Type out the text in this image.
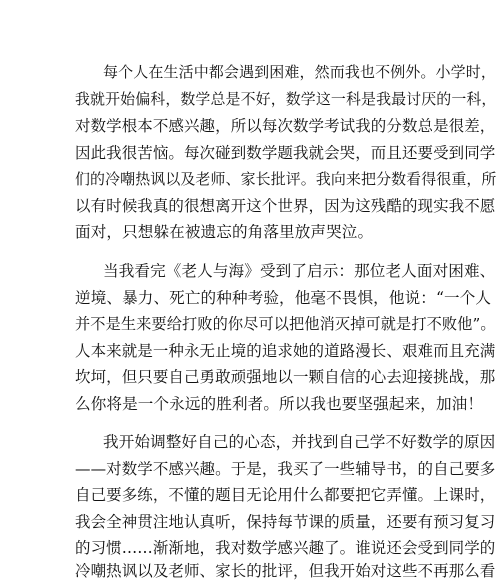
每个人在生活中都会遇到困难，然而我也不例外。小学时，
我就开始偏科，数学总是不好，数学这一科是我最讨厌的一科，
对数学根本不感兴趣，所以每次数学考试我的分数总是很差，
因此我很苦恼。每次碰到数学题我就会哭，而且还要受到同学
们的冷嘲热讽以及老师、家长批评。我向来把分数看得很重，所
以有时候我真的很想离开这个世界，因为这残酷的现实我不愿
面对，只想躲在被遗忘的角落里放声哭泣。
当我看完《老人与海》受到了启示：那位老人面对困难、
逆境、暴力、死亡的种种考验，他毫不畏惧，他说：“一个人
并不是生来要给打败的你尽可以把他消灭掉可就是打不败他”。
人本来就是一种永无止境的追求她的道路漫长、艰难而且充满
坎坷，但只要自己勇敢顽强地以一颗自信的心去迎接挑战，那
么你将是一个永远的胜利者。所以我也要坚强起来，加油！
我开始调整好自己的心态，并找到自己学不好数学的原因
——对数学不感兴趣。于是，我买了一些辅导书，的自己要多
自己要多练，不懂的题目无论用什么都要把它弄懂。上课时，
我会全神贯注地认真听，保持每节课的质量，还要有预习复习
的习惯……渐渐地，我对数学感兴趣了。谁说还会受到同学的
冷嘲热讽以及老师、家长的批评，但我开始对这些不再那么看
